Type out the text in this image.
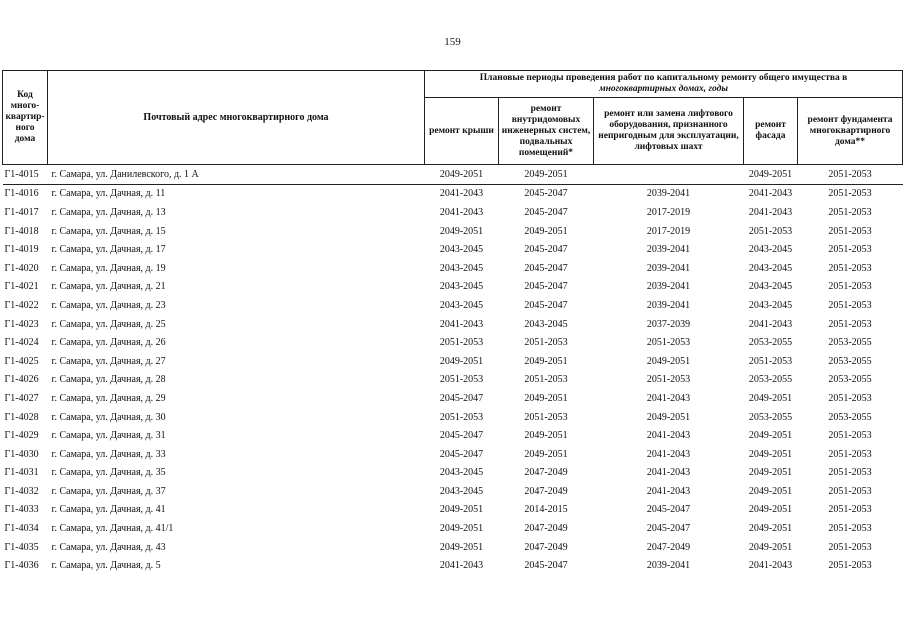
159
Код много-квартир-ного дома	Почтовый адрес многоквартирного дома	Плановые периоды проведения работ по капитальному ремонту общего имущества в
многоквартирных домах, годы				
		ремонт крыши	ремонт внутридомовых инженерных систем, подвальных помещений*	ремонт или замена лифтового оборудования, признанного непригодным для эксплуатации, лифтовых шахт	ремонт фасада	ремонт фундамента многоквартирного дома**
Г1-4015	г. Самара, ул. Данилевского, д. 1 А	2049-2051	2049-2051		2049-2051	2051-2053
Г1-4016	г. Самара, ул. Дачная, д. 11	2041-2043	2045-2047	2039-2041	2041-2043	2051-2053
Г1-4017	г. Самара, ул. Дачная, д. 13	2041-2043	2045-2047	2017-2019	2041-2043	2051-2053
Г1-4018	г. Самара, ул. Дачная, д. 15	2049-2051	2049-2051	2017-2019	2051-2053	2051-2053
Г1-4019	г. Самара, ул. Дачная, д. 17	2043-2045	2045-2047	2039-2041	2043-2045	2051-2053
Г1-4020	г. Самара, ул. Дачная, д. 19	2043-2045	2045-2047	2039-2041	2043-2045	2051-2053
Г1-4021	г. Самара, ул. Дачная, д. 21	2043-2045	2045-2047	2039-2041	2043-2045	2051-2053
Г1-4022	г. Самара, ул. Дачная, д. 23	2043-2045	2045-2047	2039-2041	2043-2045	2051-2053
Г1-4023	г. Самара, ул. Дачная, д. 25	2041-2043	2043-2045	2037-2039	2041-2043	2051-2053
Г1-4024	г. Самара, ул. Дачная, д. 26	2051-2053	2051-2053	2051-2053	2053-2055	2053-2055
Г1-4025	г. Самара, ул. Дачная, д. 27	2049-2051	2049-2051	2049-2051	2051-2053	2053-2055
Г1-4026	г. Самара, ул. Дачная, д. 28	2051-2053	2051-2053	2051-2053	2053-2055	2053-2055
Г1-4027	г. Самара, ул. Дачная, д. 29	2045-2047	2049-2051	2041-2043	2049-2051	2051-2053
Г1-4028	г. Самара, ул. Дачная, д. 30	2051-2053	2051-2053	2049-2051	2053-2055	2053-2055
Г1-4029	г. Самара, ул. Дачная, д. 31	2045-2047	2049-2051	2041-2043	2049-2051	2051-2053
Г1-4030	г. Самара, ул. Дачная, д. 33	2045-2047	2049-2051	2041-2043	2049-2051	2051-2053
Г1-4031	г. Самара, ул. Дачная, д. 35	2043-2045	2047-2049	2041-2043	2049-2051	2051-2053
Г1-4032	г. Самара, ул. Дачная, д. 37	2043-2045	2047-2049	2041-2043	2049-2051	2051-2053
Г1-4033	г. Самара, ул. Дачная, д. 41	2049-2051	2014-2015	2045-2047	2049-2051	2051-2053
Г1-4034	г. Самара, ул. Дачная, д. 41/1	2049-2051	2047-2049	2045-2047	2049-2051	2051-2053
Г1-4035	г. Самара, ул. Дачная, д. 43	2049-2051	2047-2049	2047-2049	2049-2051	2051-2053
Г1-4036	г. Самара, ул. Дачная, д. 5	2041-2043	2045-2047	2039-2041	2041-2043	2051-2053
